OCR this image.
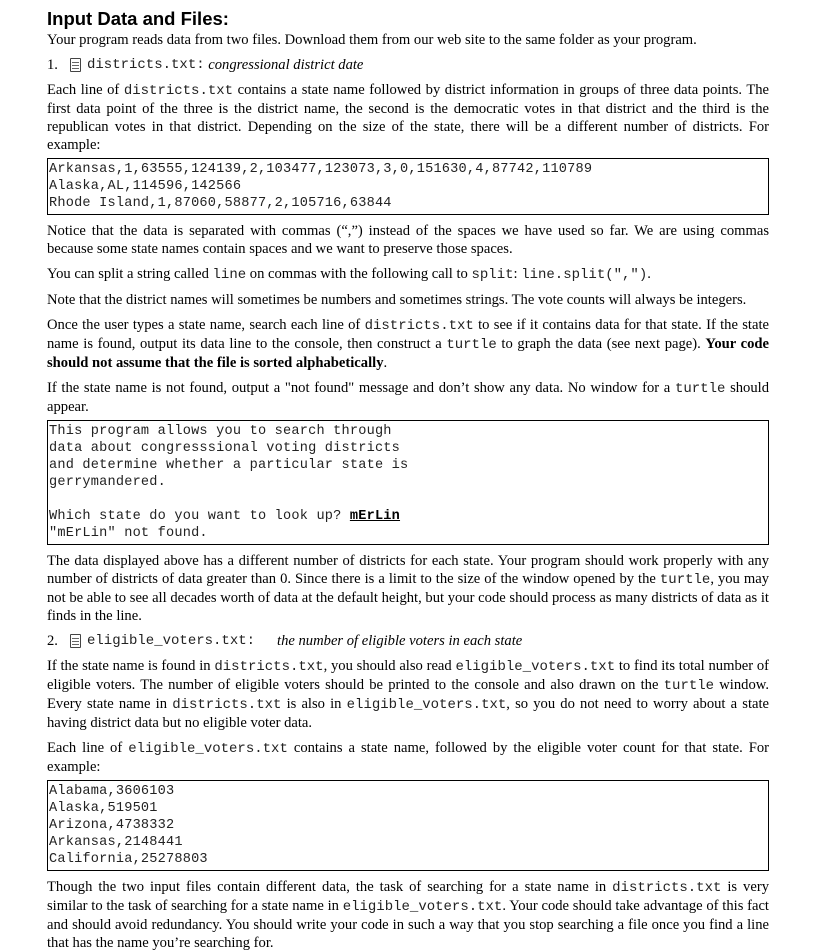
Input Data and Files:

Your program reads data from two files. Download them from our web site to the same folder as your program.

1.	districts.txt:
congressional district date

Each line of districts.txt contains a state name followed by district information in groups of three data points. The first data point of the three is the district name, the second is the democratic votes in that district and the third is the republican votes in that district. Depending on the size of the state, there will be a different number of districts. For example:

Arkansas,1,63555,124139,2,103477,123073,3,0,151630,4,87742,110789
Alaska,AL,114596,142566
Rhode Island,1,87060,58877,2,105716,63844

Notice that the data is separated with commas (“,”) instead of the spaces we have used so far. We are using commas because some state names contain spaces and we want to preserve those spaces.

You can split a string called line on commas with the following call to split: line.split(",").

Note that the district names will sometimes be numbers and sometimes strings. The vote counts will always be integers.

Once the user types a state name, search each line of districts.txt to see if it contains data for that state. If the state name is found, output its data line to the console, then construct a turtle to graph the data (see next page). Your code should not assume that the file is sorted alphabetically.

If the state name is not found, output a "not found" message and don’t show any data. No window for a turtle should appear.

This program allows you to search through
data about congresssional voting districts
and determine whether a particular state is
gerrymandered.
Which state do you want to look up? mErLin
"mErLin" not found.

The data displayed above has a different number of districts for each state. Your program should work properly with any number of districts of data greater than 0. Since there is a limit to the size of the window opened by the turtle, you may not be able to see all decades worth of data at the default height, but your code should process as many districts of data as it finds in the line.

2.	eligible_voters.txt: the number of eligible voters in each state

If the state name is found in districts.txt, you should also read eligible_voters.txt to find its total number of eligible voters. The number of eligible voters should be printed to the console and also drawn on the turtle window. Every state name in districts.txt is also in eligible_voters.txt, so you do not need to worry about a state having district data but no eligible voter data.

Each line of eligible_voters.txt contains a state name, followed by the eligible voter count for that state. For example:

Alabama,3606103
Alaska,519501
Arizona,4738332
Arkansas,2148441
California,25278803

Though the two input files contain different data, the task of searching for a state name in districts.txt is very similar to the task of searching for a state name in eligible_voters.txt. Your code should take advantage of this fact and should avoid redundancy. You should write your code in such a way that you stop searching a file once you find a line that has the name you’re searching for.
